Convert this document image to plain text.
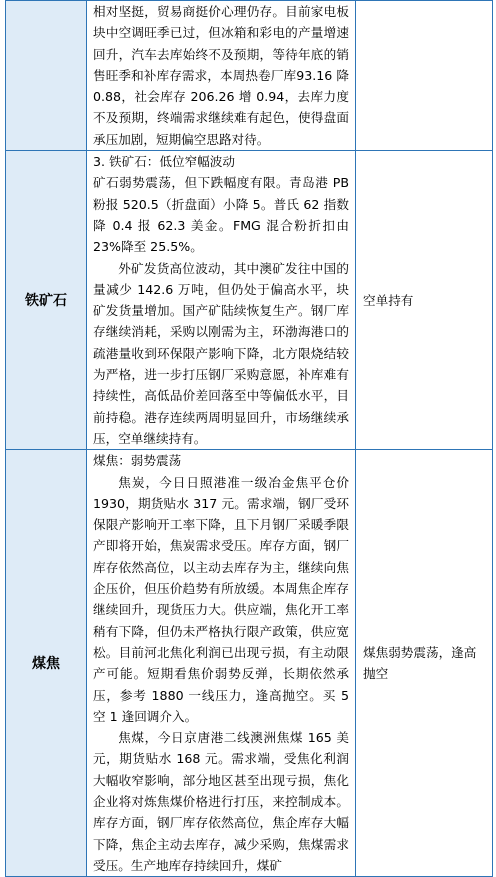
	相对坚挺，贸易商挺价心理仍存。目前家电板块中空调旺季已过，但冰箱和彩电的产量增速回升，汽车去库始终不及预期，等待年底的销售旺季和补库存需求，本周热卷厂库93.16 降 0.88，社会库存 206.26 增 0.94，去库力度不及预期，终端需求继续难有起色，使得盘面承压加剧，短期偏空思路对待。	

铁矿石	3. 铁矿石：低位窄幅波动

矿石弱势震荡，但下跌幅度有限。青岛港 PB 粉报 520.5（折盘面）小降 5。普氏 62 指数降 0.4 报 62.3 美金。FMG 混合粉折扣由 23%降至 25.5%。

外矿发货高位波动，其中澳矿发往中国的量减少 142.6 万吨，但仍处于偏高水平，块矿发货量增加。国产矿陆续恢复生产。钢厂库存继续消耗，采购以刚需为主，环渤海港口的疏港量收到环保限产影响下降，北方限烧结较为严格，进一步打压钢厂采购意愿，补库难有持续性，高低品价差回落至中等偏低水平，目前持稳。港存连续两周明显回升，市场继续承压，空单继续持有。	空单持有

煤焦	煤焦：弱势震荡

焦炭，今日日照港准一级冶金焦平仓价 1930，期货贴水 317 元。需求端，钢厂受环保限产影响开工率下降，且下月钢厂采暖季限产即将开始，焦炭需求受压。库存方面，钢厂库存依然高位，以主动去库存为主，继续向焦企压价，但压价趋势有所放缓。本周焦企库存继续回升，现货压力大。供应端，焦化开工率稍有下降，但仍未严格执行限产政策，供应宽松。目前河北焦化利润已出现亏损，有主动限产可能。短期看焦价弱势反弹，长期依然承压，参考 1880 一线压力，逢高抛空。买 5 空 1 逢回调介入。

焦煤，今日京唐港二线澳洲焦煤 165 美元，期货贴水 168 元。需求端，受焦化利润大幅收窄影响，部分地区甚至出现亏损，焦化企业将对炼焦煤价格进行打压，来控制成本。库存方面，钢厂库存依然高位，焦企库存大幅下降，焦企主动去库存，减少采购，焦煤需求受压。生产地库存持续回升，煤矿	煤焦弱势震荡，逢高抛空
